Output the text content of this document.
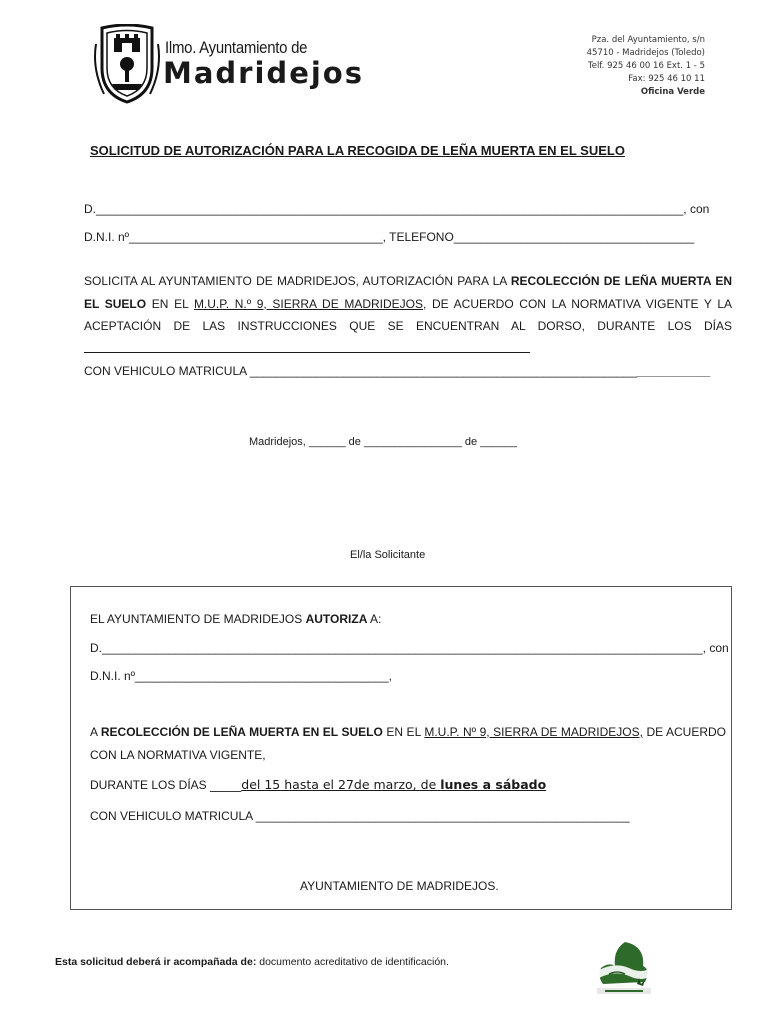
Ilmo. Ayuntamiento de
Madridejos
Pza. del Ayuntamiento, s/n
45710 - Madridejos (Toledo)
Telf. 925 46 00 16 Ext. 1 - 5
Fax: 925 46 10 11
Oficina Verde
SOLICITUD DE AUTORIZACIÓN PARA LA RECOGIDA DE LEÑA MUERTA EN EL SUELO
D.________________________________________________________________________________________, con
D.N.I. nº______________________________________, TELEFONO____________________________________
SOLICITA AL AYUNTAMIENTO DE MADRIDEJOS, AUTORIZACIÓN PARA LA RECOLECCIÓN DE LEÑA MUERTA EN EL SUELO EN EL M.U.P. N.º 9, SIERRA DE MADRIDEJOS, DE ACUERDO CON LA NORMATIVA VIGENTE Y LA ACEPTACIÓN DE LAS INSTRUCCIONES QUE SE ENCUENTRAN AL DORSO, DURANTE LOS DÍAS
CON VEHICULO MATRICULA _____________________________________________________________________
Madridejos, ______ de ________________ de ______
El/la Solicitante
EL AYUNTAMIENTO DE MADRIDEJOS AUTORIZA A:
D.__________________________________________________________________________________________, con
D.N.I. nº______________________________________,
A RECOLECCIÓN DE LEÑA MUERTA EN EL SUELO EN EL M.U.P. Nº 9, SIERRA DE MADRIDEJOS, DE ACUERDO CON LA NORMATIVA VIGENTE,
DURANTE LOS DÍAS _____del 15 hasta el 27de marzo, de lunes a sábado
CON VEHICULO MATRICULA ________________________________________________________
AYUNTAMIENTO DE MADRIDEJOS.
Esta solicitud deberá ir acompañada de: documento acreditativo de identificación.
